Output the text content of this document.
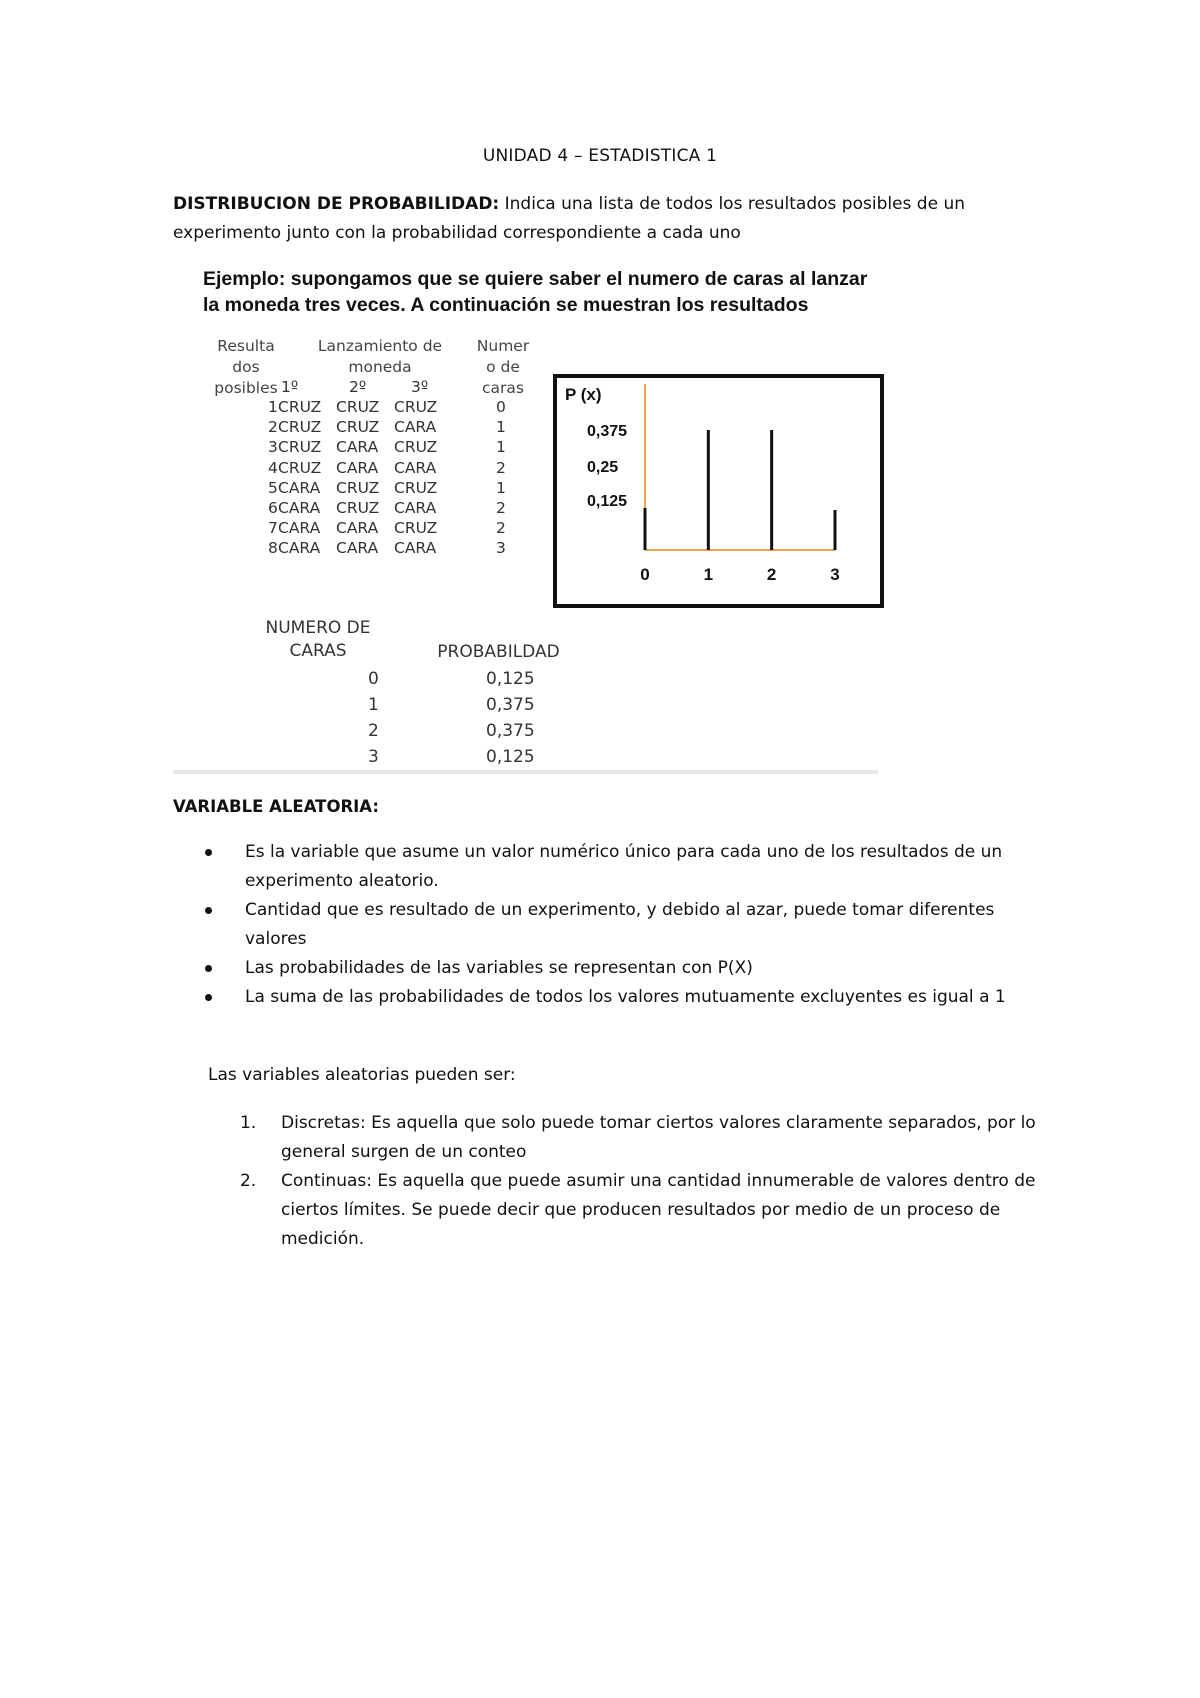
UNIDAD 4 – ESTADISTICA 1
DISTRIBUCION DE PROBABILIDAD: Indica una lista de todos los resultados posibles de un experimento junto con la probabilidad correspondiente a cada uno
Ejemplo: supongamos que se quiere saber el numero de caras al lanzar la moneda tres veces. A continuación se muestran los resultados
Resulta
dos
posibles
Lanzamiento de
moneda
Numer
o de
caras
1º	2º	3º
1 CRUZ CRUZ CRUZ	0
2 CRUZ CRUZ CARA	1
3 CRUZ CARA CRUZ	1
4 CRUZ CARA CARA	2
5 CARA CRUZ CRUZ	1
6 CARA CRUZ CARA	2
7 CARA CARA CRUZ	2
8 CARA CARA CARA	3
P (x)
0,375
0,25
0,125
0	1	2	3
NUMERO DE
CARAS	PROBABILDAD
0	0,125
1	0,375
2	0,375
3	0,125
VARIABLE ALEATORIA:
Es la variable que asume un valor numérico único para cada uno de los resultados de un experimento aleatorio.
Cantidad que es resultado de un experimento, y debido al azar, puede tomar diferentes valores
Las probabilidades de las variables se representan con P(X)
La suma de las probabilidades de todos los valores mutuamente excluyentes es igual a 1
Las variables aleatorias pueden ser:
1. Discretas: Es aquella que solo puede tomar ciertos valores claramente separados, por lo general surgen de un conteo
2. Continuas: Es aquella que puede asumir una cantidad innumerable de valores dentro de ciertos límites. Se puede decir que producen resultados por medio de un proceso de medición.
